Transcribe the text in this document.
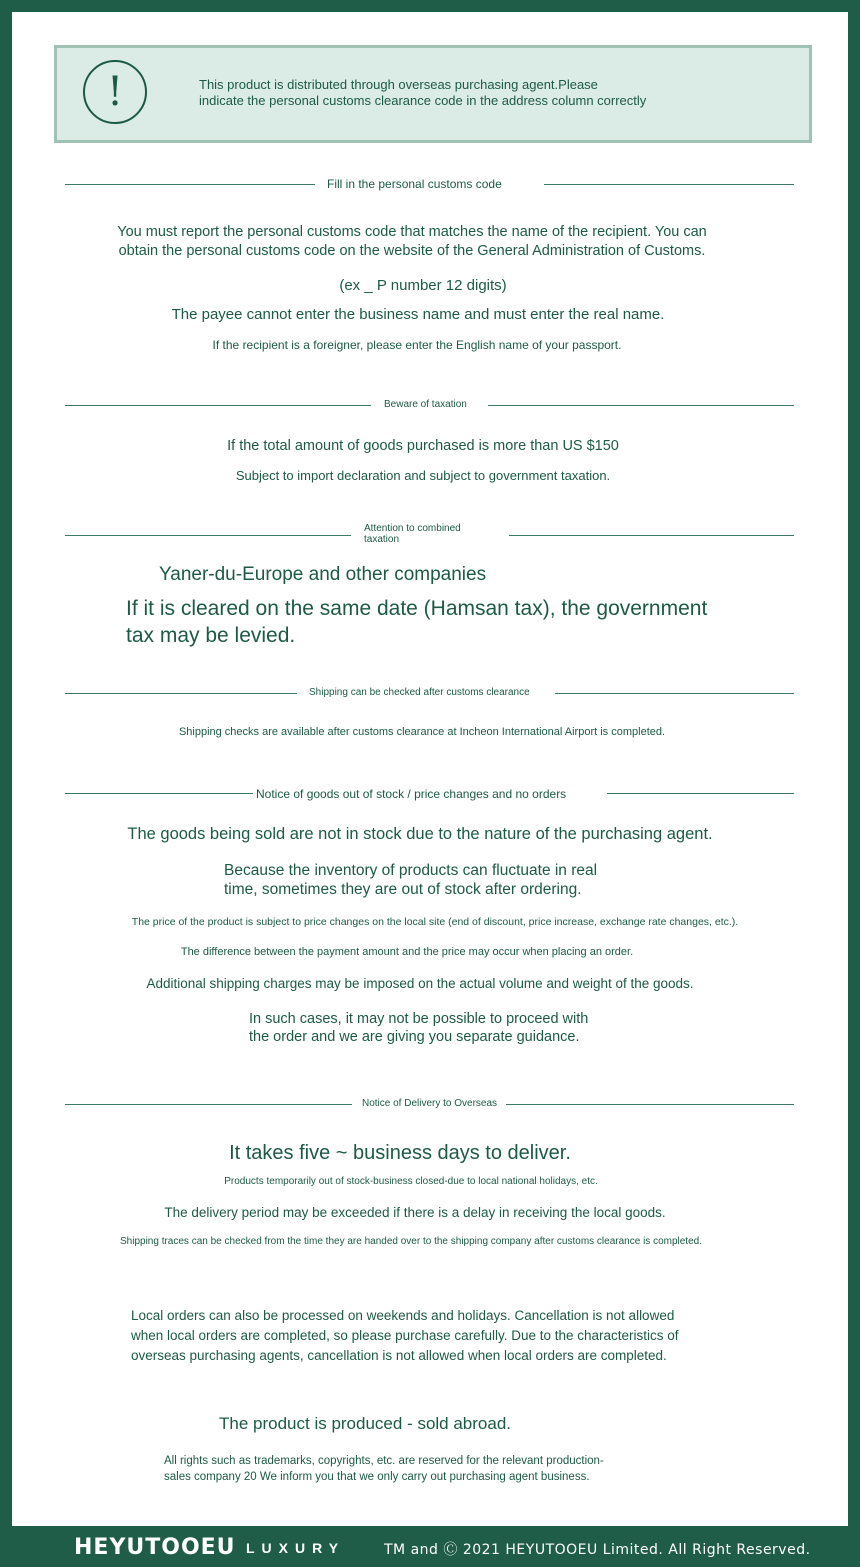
!	This product is distributed through overseas purchasing agent.Please
indicate the personal customs clearance code in the address column correctly
Fill in the personal customs code
You must report the personal customs code that matches the name of the recipient. You can
obtain the personal customs code on the website of the General Administration of Customs.
(ex _ P number 12 digits)
The payee cannot enter the business name and must enter the real name.
If the recipient is a foreigner, please enter the English name of your passport.
Beware of taxation
If the total amount of goods purchased is more than US $150
Subject to import declaration and subject to government taxation.
Attention to combined
taxation
Yaner-du-Europe and other companies
If it is cleared on the same date (Hamsan tax), the government
tax may be levied.
Shipping can be checked after customs clearance
Shipping checks are available after customs clearance at Incheon International Airport is completed.
Notice of goods out of stock / price changes and no orders
The goods being sold are not in stock due to the nature of the purchasing agent.
Because the inventory of products can fluctuate in real
time, sometimes they are out of stock after ordering.
The price of the product is subject to price changes on the local site (end of discount, price increase, exchange rate changes, etc.).
The difference between the payment amount and the price may occur when placing an order.
Additional shipping charges may be imposed on the actual volume and weight of the goods.
In such cases, it may not be possible to proceed with
the order and we are giving you separate guidance.
Notice of Delivery to Overseas
It takes five ~ business days to deliver.
Products temporarily out of stock-business closed-due to local national holidays, etc.
The delivery period may be exceeded if there is a delay in receiving the local goods.
Shipping traces can be checked from the time they are handed over to the shipping company after customs clearance is completed.
Local orders can also be processed on weekends and holidays. Cancellation is not allowed
when local orders are completed, so please purchase carefully. Due to the characteristics of
overseas purchasing agents, cancellation is not allowed when local orders are completed.
The product is produced - sold abroad.
All rights such as trademarks, copyrights, etc. are reserved for the relevant production-
sales company 20 We inform you that we only carry out purchasing agent business.
HEYUTOOEU LUXURY	TM and Ⓒ 2021 HEYUTOOEU Limited. All Right Reserved.
